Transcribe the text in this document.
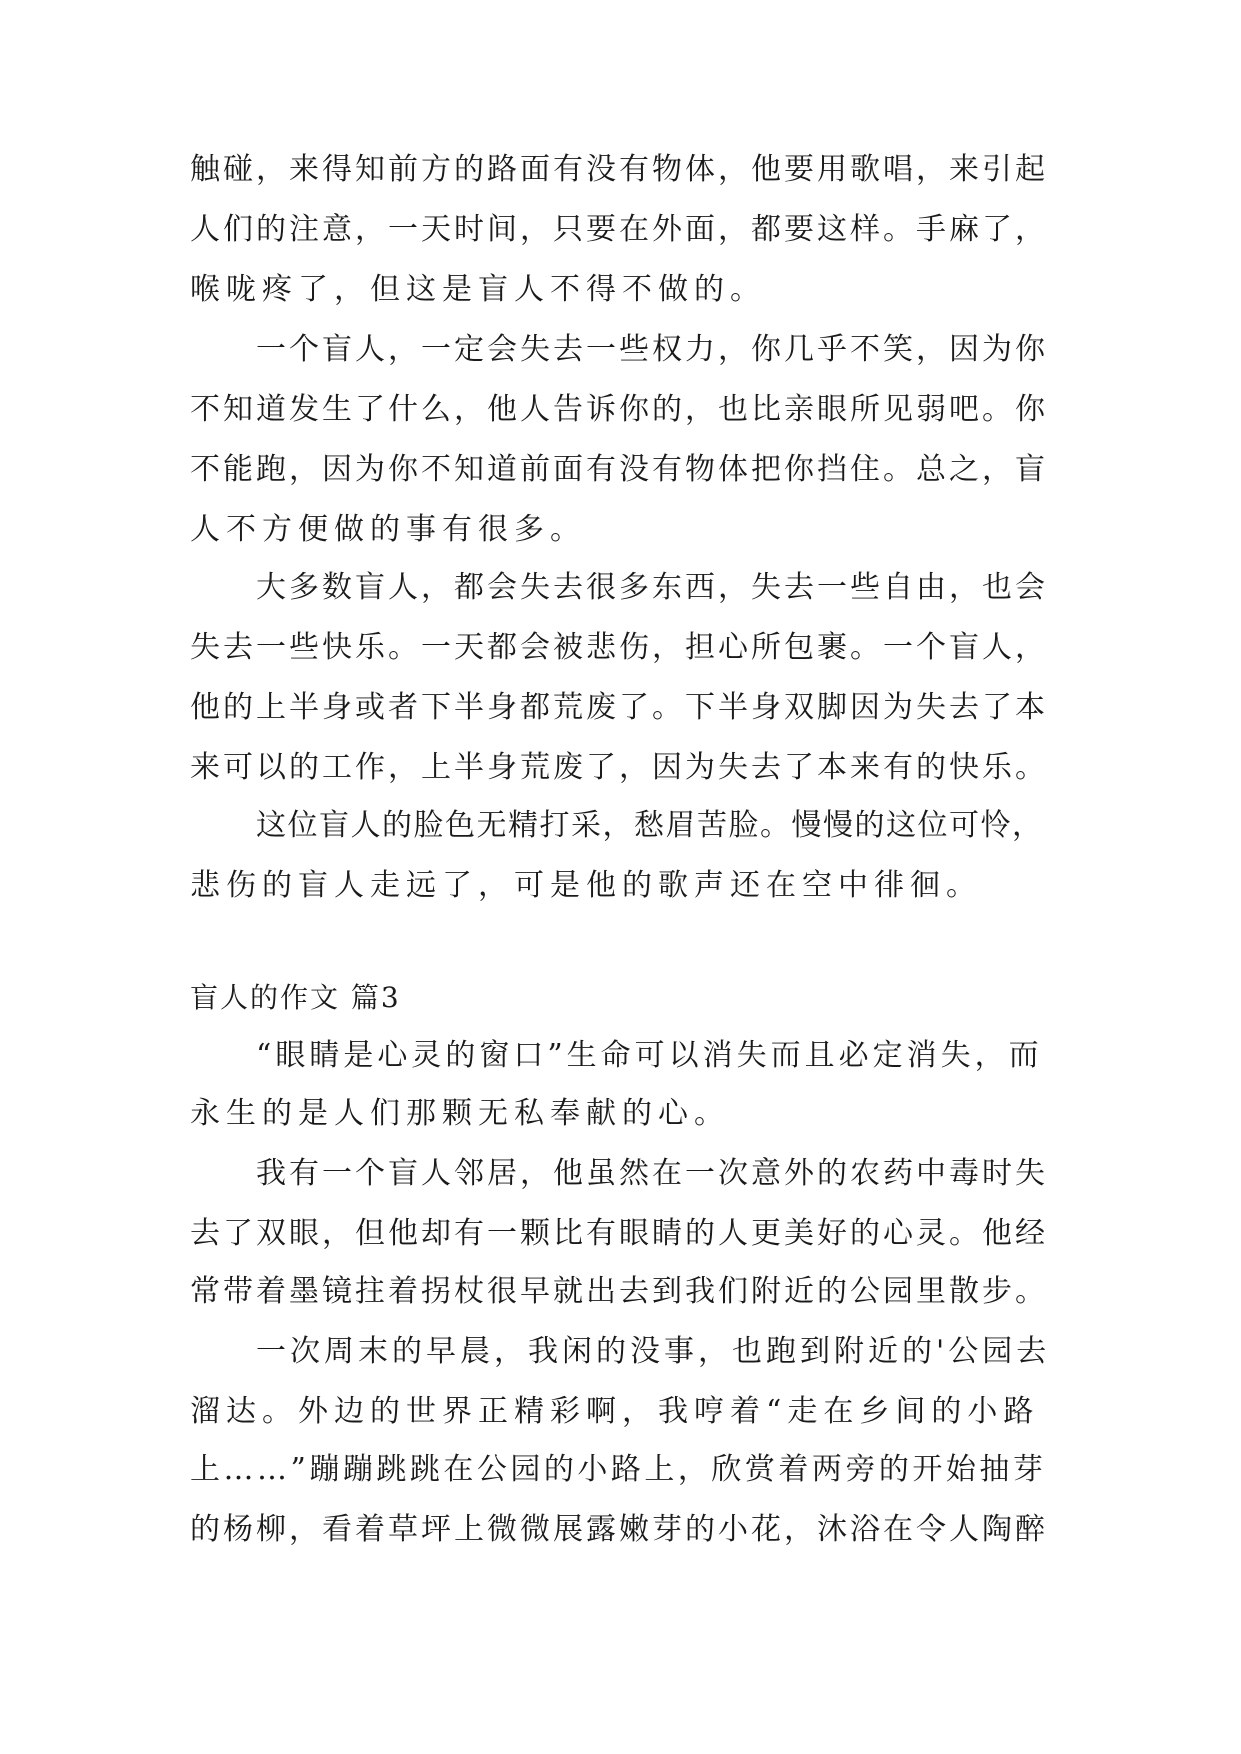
触碰，来得知前方的路面有没有物体，他要用歌唱，来引起
人们的注意，一天时间，只要在外面，都要这样。手麻了，
喉咙疼了，但这是盲人不得不做的。
一个盲人，一定会失去一些权力，你几乎不笑，因为你
不知道发生了什么，他人告诉你的，也比亲眼所见弱吧。你
不能跑，因为你不知道前面有没有物体把你挡住。总之，盲
人不方便做的事有很多。
大多数盲人，都会失去很多东西，失去一些自由，也会
失去一些快乐。一天都会被悲伤，担心所包裹。一个盲人，
他的上半身或者下半身都荒废了。下半身双脚因为失去了本
来可以的工作，上半身荒废了，因为失去了本来有的快乐。
这位盲人的脸色无精打采，愁眉苦脸。慢慢的这位可怜，
悲伤的盲人走远了，可是他的歌声还在空中徘徊。
盲人的作文 篇3
“眼睛是心灵的窗口”生命可以消失而且必定消失，而
永生的是人们那颗无私奉献的心。
我有一个盲人邻居，他虽然在一次意外的农药中毒时失
去了双眼，但他却有一颗比有眼睛的人更美好的心灵。他经
常带着墨镜拄着拐杖很早就出去到我们附近的公园里散步。
一次周末的早晨，我闲的没事，也跑到附近的'公园去
溜达。外边的世界正精彩啊，我哼着“走在乡间的小路
上……”蹦蹦跳跳在公园的小路上，欣赏着两旁的开始抽芽
的杨柳，看着草坪上微微展露嫩芽的小花，沐浴在令人陶醉
